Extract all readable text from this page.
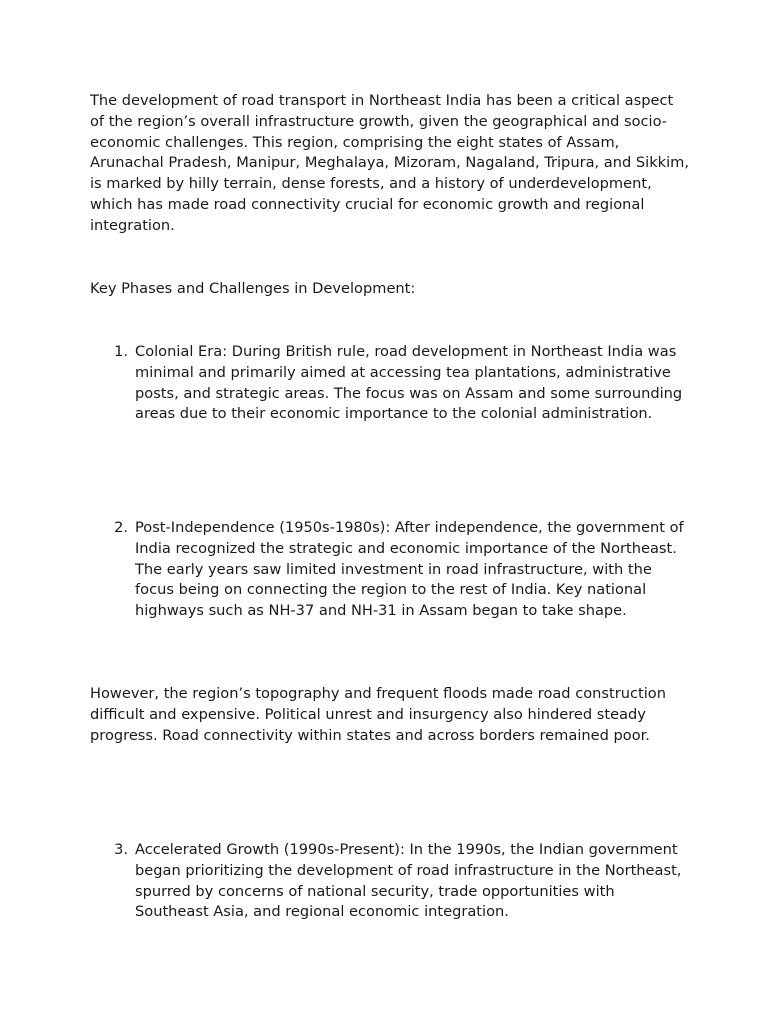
The development of road transport in Northeast India has been a critical aspect of the region’s overall infrastructure growth, given the geographical and socio-economic challenges. This region, comprising the eight states of Assam, Arunachal Pradesh, Manipur, Meghalaya, Mizoram, Nagaland, Tripura, and Sikkim, is marked by hilly terrain, dense forests, and a history of underdevelopment, which has made road connectivity crucial for economic growth and regional integration.

Key Phases and Challenges in Development:

1. Colonial Era: During British rule, road development in Northeast India was minimal and primarily aimed at accessing tea plantations, administrative posts, and strategic areas. The focus was on Assam and some surrounding areas due to their economic importance to the colonial administration.
2. Post-Independence (1950s-1980s): After independence, the government of India recognized the strategic and economic importance of the Northeast. The early years saw limited investment in road infrastructure, with the focus being on connecting the region to the rest of India. Key national highways such as NH-37 and NH-31 in Assam began to take shape.

However, the region’s topography and frequent floods made road construction difficult and expensive. Political unrest and insurgency also hindered steady progress. Road connectivity within states and across borders remained poor.

3. Accelerated Growth (1990s-Present): In the 1990s, the Indian government began prioritizing the development of road infrastructure in the Northeast, spurred by concerns of national security, trade opportunities with Southeast Asia, and regional economic integration.
